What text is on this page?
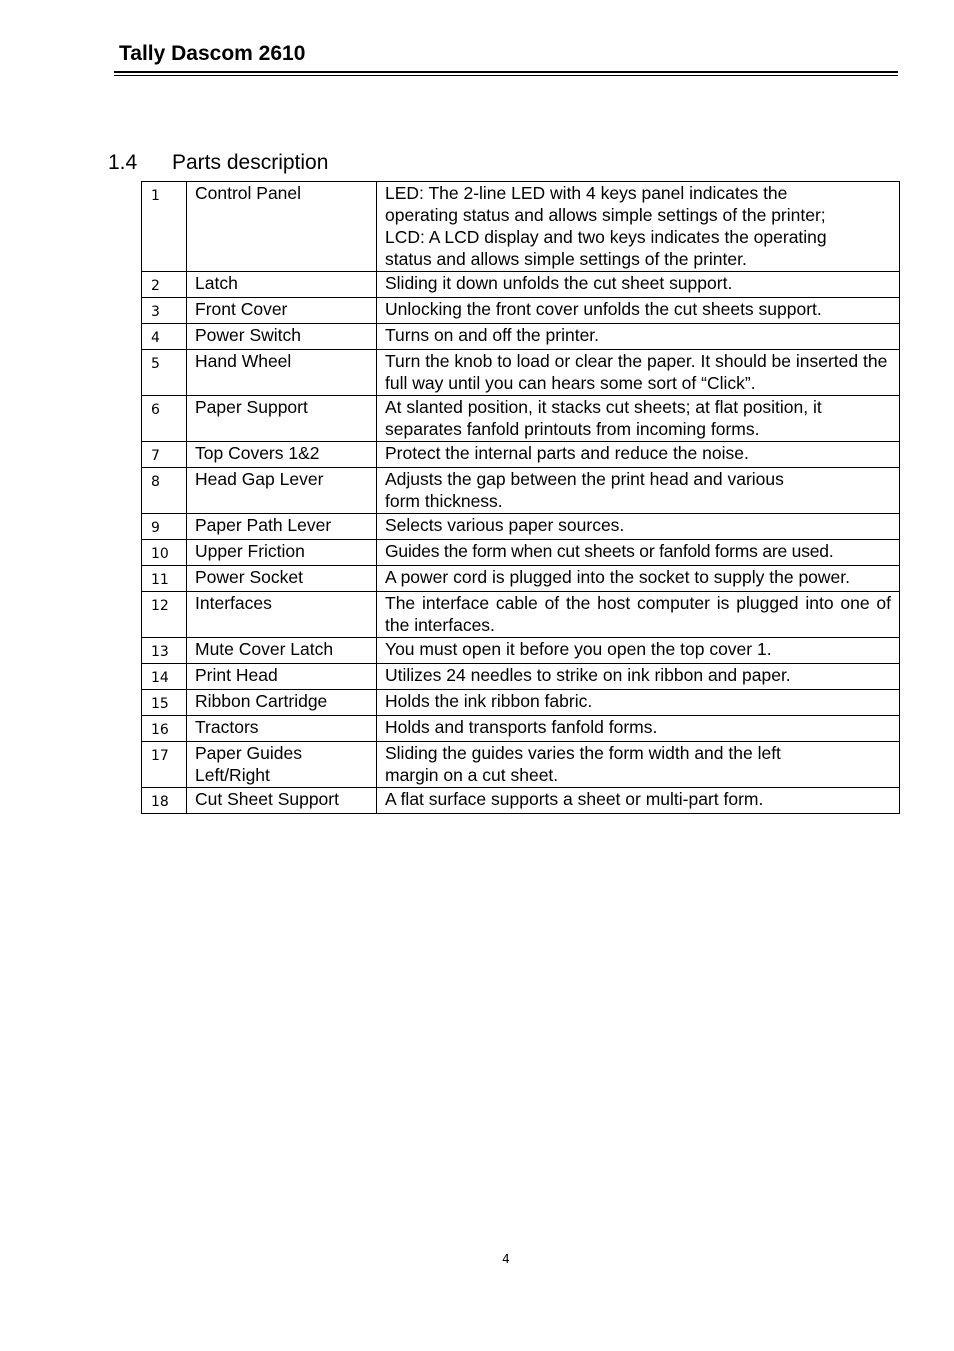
Tally Dascom 2610
1.4 Parts description
1	Control Panel	LED: The 2-line LED with 4 keys panel indicates the
operating status and allows simple settings of the printer;
LCD: A LCD display and two keys indicates the operating
status and allows simple settings of the printer.
2	Latch	Sliding it down unfolds the cut sheet support.
3	Front Cover	Unlocking the front cover unfolds the cut sheets support.
4	Power Switch	Turns on and off the printer.
5	Hand Wheel	Turn the knob to load or clear the paper. It should be inserted the full way until you can hears some sort of “Click”.
6	Paper Support	At slanted position, it stacks cut sheets; at flat position, it separates fanfold printouts from incoming forms.
7	Top Covers 1&2	Protect the internal parts and reduce the noise.
8	Head Gap Lever	Adjusts the gap between the print head and various
form thickness.
9	Paper Path Lever	Selects various paper sources.
10	Upper Friction	Guides the form when cut sheets or fanfold forms are used.
11	Power Socket	A power cord is plugged into the socket to supply the power.
12	Interfaces	The interface cable of the host computer is plugged into one of the interfaces.
13	Mute Cover Latch	You must open it before you open the top cover 1.
14	Print Head	Utilizes 24 needles to strike on ink ribbon and paper.
15	Ribbon Cartridge	Holds the ink ribbon fabric.
16	Tractors	Holds and transports fanfold forms.
17	Paper Guides Left/Right	Sliding the guides varies the form width and the left
margin on a cut sheet.
18	Cut Sheet Support	A flat surface supports a sheet or multi-part form.
4
